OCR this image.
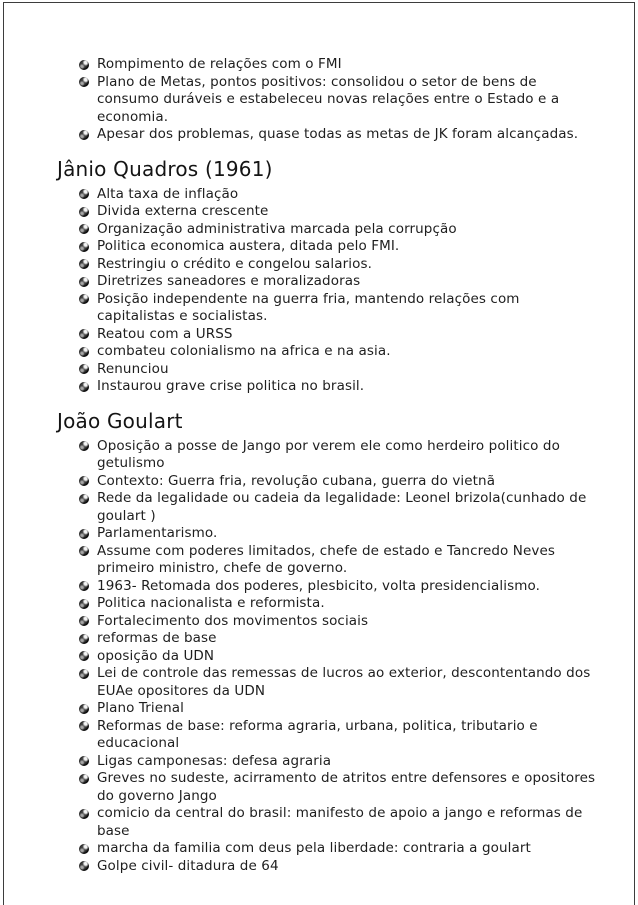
Rompimento de relações com o FMI
Plano de Metas, pontos positivos: consolidou o setor de bens de consumo duráveis e estabeleceu novas relações entre o Estado e a economia.
Apesar dos problemas, quase todas as metas de JK foram alcançadas.
Jânio Quadros (1961)
Alta taxa de inflação
Divida externa crescente
Organização administrativa marcada pela corrupção
Politica economica austera, ditada pelo FMI.
Restringiu o crédito e congelou salarios.
Diretrizes saneadores e moralizadoras
Posição independente na guerra fria, mantendo relações com capitalistas e socialistas.
Reatou com a URSS
combateu colonialismo na africa e na asia.
Renunciou
Instaurou grave crise politica no brasil.
João Goulart
Oposição a posse de Jango por verem ele como herdeiro politico do getulismo
Contexto: Guerra fria, revolução cubana, guerra do vietnã
Rede da legalidade ou cadeia da legalidade: Leonel brizola(cunhado de goulart )
Parlamentarismo.
Assume com poderes limitados, chefe de estado e Tancredo Neves primeiro ministro, chefe de governo.
1963- Retomada dos poderes, plesbicito, volta presidencialismo.
Politica nacionalista e reformista.
Fortalecimento dos movimentos sociais
reformas de base
oposição da UDN
Lei de controle das remessas de lucros ao exterior, descontentando dos EUAe opositores da UDN
Plano Trienal
Reformas de base: reforma agraria, urbana, politica, tributario e educacional
Ligas camponesas: defesa agraria
Greves no sudeste, acirramento de atritos entre defensores e opositores do governo Jango
comicio da central do brasil: manifesto de apoio a jango e reformas de base
marcha da familia com deus pela liberdade: contraria a goulart
Golpe civil- ditadura de 64
